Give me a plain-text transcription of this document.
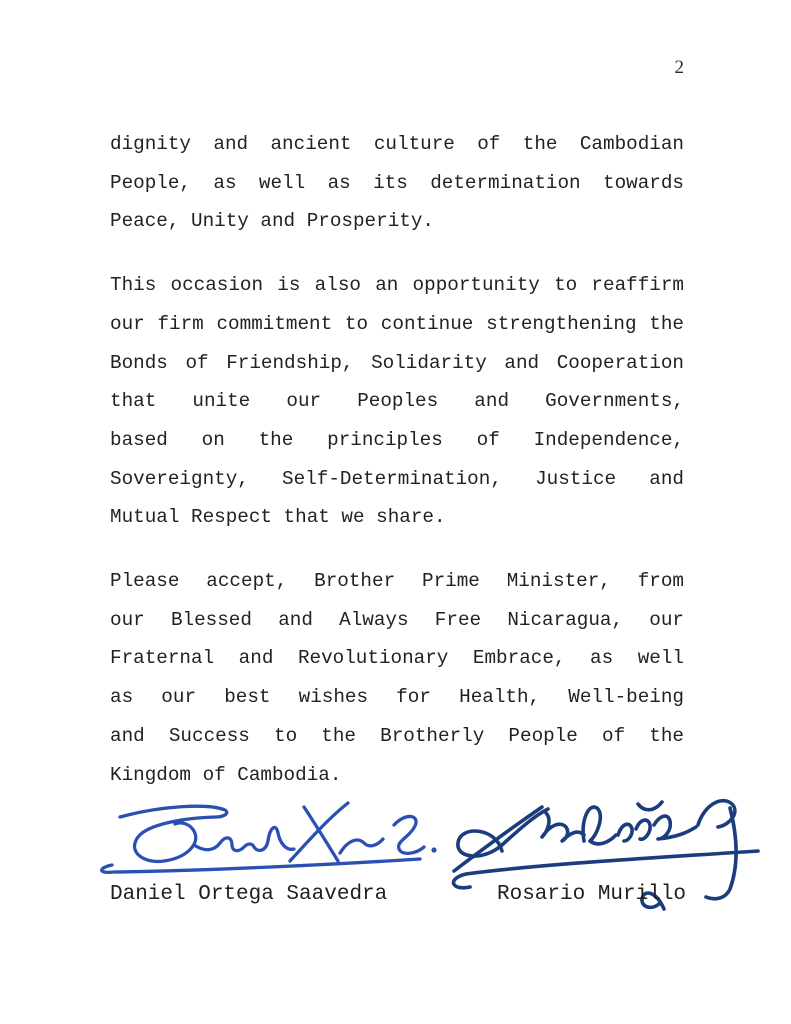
2
dignity and ancient culture of the Cambodian
People, as well as its determination towards
Peace, Unity and Prosperity.
This occasion is also an opportunity to reaffirm
our firm commitment to continue strengthening the
Bonds of Friendship, Solidarity and Cooperation
that unite our Peoples and Governments,
based on the principles of Independence,
Sovereignty, Self-Determination, Justice and
Mutual Respect that we share.
Please accept, Brother Prime Minister, from
our Blessed and Always Free Nicaragua, our
Fraternal and Revolutionary Embrace, as well
as our best wishes for Health, Well-being
and Success to the Brotherly People of the
Kingdom of Cambodia.
Daniel Ortega Saavedra	Rosario Murillo
